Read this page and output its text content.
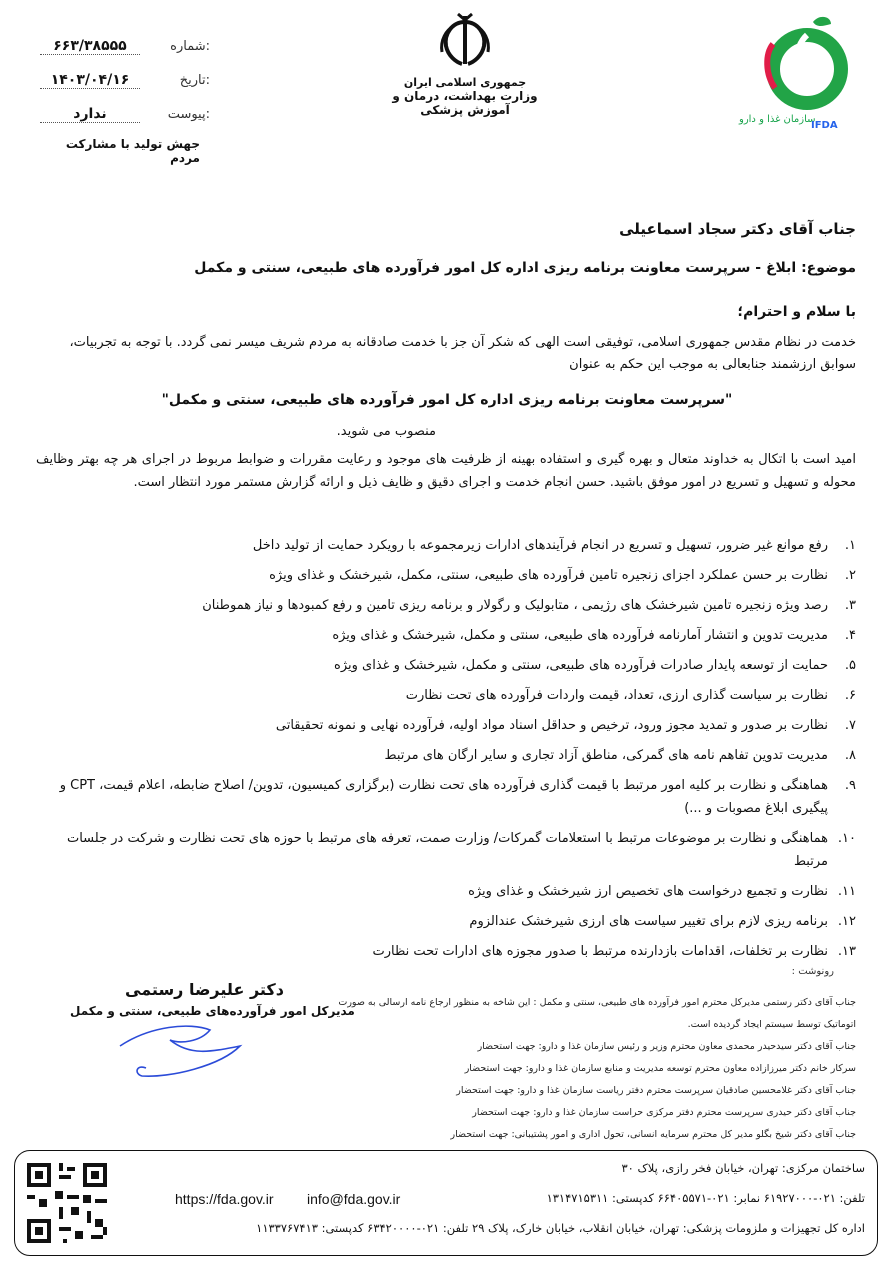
شماره:
۶۶۳/۳۸۵۵۵
تاریخ:
۱۴۰۳/۰۴/۱۶
پیوست:
ندارد
جهش تولید با مشارکت مردم
جمهوری اسلامی ایران
وزارت بهداشت، درمان و آموزش پزشکی
سازمان غذا و دارو
IFDA
جناب آقای دکتر سجاد اسماعیلی
موضوع: ابلاغ - سرپرست معاونت برنامه ریزی اداره کل امور فرآورده های طبیعی، سنتی و مکمل
با سلام و احترام؛
خدمت در نظام مقدس جمهوری اسلامی، توفیقی است الهی که شکر آن جز با خدمت صادقانه به مردم شریف میسر نمی گردد. با توجه به تجربیات، سوابق ارزشمند جنابعالی به موجب این حکم به عنوان
"سرپرست معاونت برنامه ریزی اداره کل امور فرآورده های طبیعی، سنتی و مکمل"
منصوب می شوید.
امید است با اتکال به خداوند متعال و بهره گیری و استفاده بهینه از ظرفیت های موجود و رعایت مقررات و ضوابط مربوط در اجرای هر چه بهتر وظایف محوله و تسهیل و تسریع در امور موفق باشید. حسن انجام خدمت و اجرای دقیق و ظایف ذیل و ارائه گزارش مستمر مورد انتظار است.
۱.
رفع موانع غیر ضرور، تسهیل و تسریع در انجام فرآیندهای ادارات زیرمجموعه با رویکرد حمایت از تولید داخل
۲.
نظارت بر حسن عملکرد اجزای زنجیره تامین فرآورده های طبیعی، سنتی، مکمل، شیرخشک و غذای ویژه
۳.
رصد ویژه زنجیره تامین شیرخشک های رژیمی ، متابولیک و رگولار و برنامه ریزی تامین و رفع کمبودها و نیاز هموطنان
۴.
مدیریت تدوین و انتشار آمارنامه فرآورده های طبیعی، سنتی و مکمل، شیرخشک و غذای ویژه
۵.
حمایت از توسعه پایدار صادرات فرآورده های طبیعی، سنتی و مکمل، شیرخشک و غذای ویژه
۶.
نظارت بر سیاست گذاری ارزی، تعداد، قیمت واردات فرآورده های تحت نظارت
۷.
نظارت بر صدور و تمدید مجوز ورود، ترخیص و حداقل اسناد مواد اولیه، فرآورده نهایی و نمونه تحقیقاتی
۸.
مدیریت تدوین تفاهم نامه های گمرکی، مناطق آزاد تجاری و سایر ارگان های مرتبط
۹.
هماهنگی و نظارت بر کلیه امور مرتبط با قیمت گذاری فرآورده های تحت نظارت (برگزاری کمیسیون، تدوین/ اصلاح ضابطه، اعلام قیمت، CPT و پیگیری ابلاغ مصوبات و ...)
۱۰.
هماهنگی و نظارت بر موضوعات مرتبط با استعلامات گمرکات/ وزارت صمت، تعرفه های مرتبط با حوزه های تحت نظارت و شرکت در جلسات مرتبط
۱۱.
نظارت و تجمیع درخواست های تخصیص ارز شیرخشک و غذای ویژه
۱۲.
برنامه ریزی لازم برای تغییر سیاست های ارزی شیرخشک عندالزوم
۱۳.
نظارت بر تخلفات، اقدامات بازدارنده مرتبط با صدور مجوزه های ادارات تحت نظارت
دکتر علیرضا رستمی
مدیرکل امور فرآورده‌های طبیعی، سنتی و مکمل
رونوشت :

جناب آقای دکتر رستمی مدیرکل محترم امور فرآورده های طبیعی، سنتی و مکمل : این شاخه به منظور ارجاع نامه ارسالی به صورت اتوماتیک توسط سیستم ایجاد گردیده است.

جناب آقای دکتر سیدحیدر محمدی معاون محترم وزیر و رئیس سازمان غذا و دارو: جهت استحضار

سرکار خانم دکتر میرزازاده معاون محترم توسعه مدیریت و منابع سازمان غذا و دارو: جهت استحضار

جناب آقای دکتر غلامحسین صادقیان سرپرست محترم دفتر ریاست سازمان غذا و دارو: جهت استحضار

جناب آقای دکتر حیدری سرپرست محترم دفتر مرکزی حراست سازمان غذا و دارو: جهت استحضار

جناب آقای دکتر شیخ بگلو مدیر کل محترم سرمایه انسانی، تحول اداری و امور پشتیبانی: جهت استحضار

ساختمان مرکزی: تهران، خیابان فخر رازی، پلاک ۳۰
تلفن: ۰۲۱-۶۱۹۲۷۰۰۰ نمابر: ۰۲۱-۶۶۴۰۵۵۷۱ کدپستی: ۱۳۱۴۷۱۵۳۱۱
اداره کل تجهیزات و ملزومات پزشکی: تهران، خیابان انقلاب، خیابان خارک، پلاک ۲۹ تلفن: ۰۲۱-۶۳۴۲۰۰۰۰ کدپستی: ۱۱۳۳۷۶۷۴۱۳
https://fda.gov.ir info@fda.gov.ir
